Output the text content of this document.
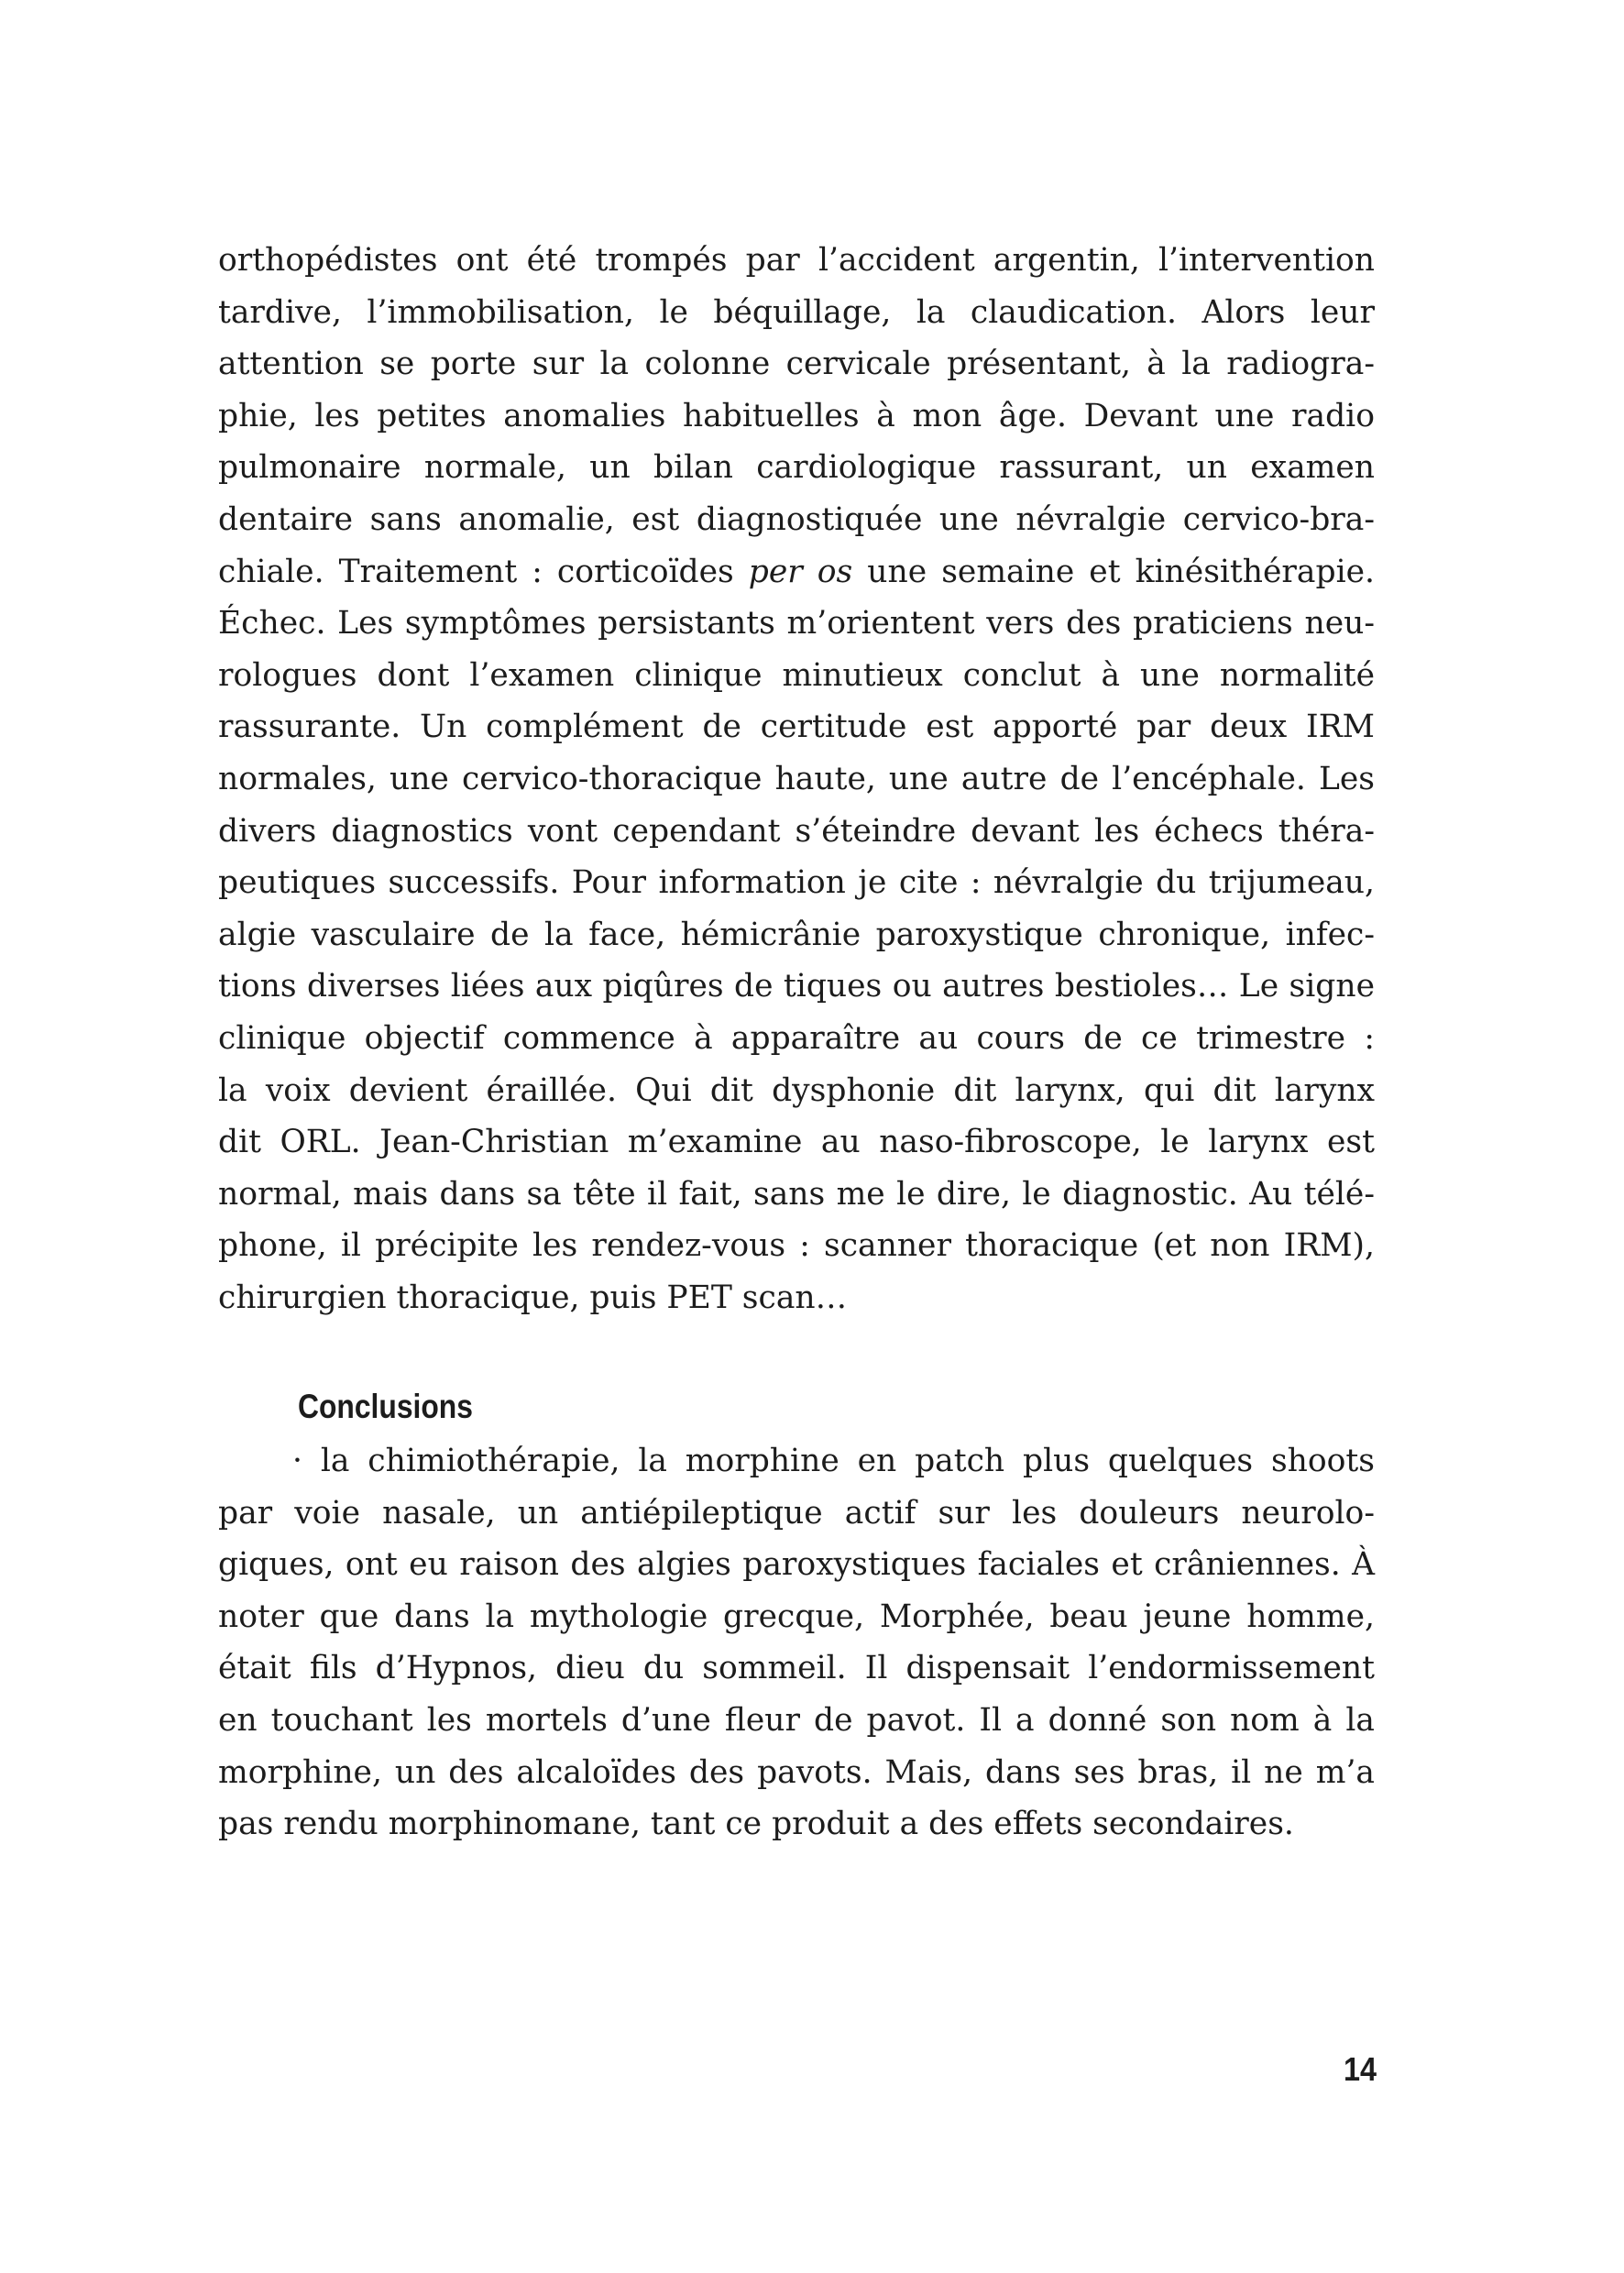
orthopédistes ont été trompés par l’accident argentin, l’intervention
tardive, l’immobilisation, le béquillage, la claudication. Alors leur
attention se porte sur la colonne cervicale présentant, à la radiogra-
phie, les petites anomalies habituelles à mon âge. Devant une radio
pulmonaire normale, un bilan cardiologique rassurant, un examen
dentaire sans anomalie, est diagnostiquée une névralgie cervico-bra-
chiale. Traitement : corticoïdes per os une semaine et kinésithérapie.
Échec. Les symptômes persistants m’orientent vers des praticiens neu-
rologues dont l’examen clinique minutieux conclut à une normalité
rassurante. Un complément de certitude est apporté par deux IRM
normales, une cervico-thoracique haute, une autre de l’encéphale. Les
divers diagnostics vont cependant s’éteindre devant les échecs théra-
peutiques successifs. Pour information je cite : névralgie du trijumeau,
algie vasculaire de la face, hémicrânie paroxystique chronique, infec-
tions diverses liées aux piqûres de tiques ou autres bestioles… Le signe
clinique objectif commence à apparaître au cours de ce trimestre :
la voix devient éraillée. Qui dit dysphonie dit larynx, qui dit larynx
dit ORL. Jean-Christian m’examine au naso-fibroscope, le larynx est
normal, mais dans sa tête il fait, sans me le dire, le diagnostic. Au télé-
phone, il précipite les rendez-vous : scanner thoracique (et non IRM),
chirurgien thoracique, puis PET scan…
Conclusions
· la chimiothérapie, la morphine en patch plus quelques shoots
par voie nasale, un antiépileptique actif sur les douleurs neurolo-
giques, ont eu raison des algies paroxystiques faciales et crâniennes. À
noter que dans la mythologie grecque, Morphée, beau jeune homme,
était fils d’Hypnos, dieu du sommeil. Il dispensait l’endormissement
en touchant les mortels d’une fleur de pavot. Il a donné son nom à la
morphine, un des alcaloïdes des pavots. Mais, dans ses bras, il ne m’a
pas rendu morphinomane, tant ce produit a des effets secondaires.
14
